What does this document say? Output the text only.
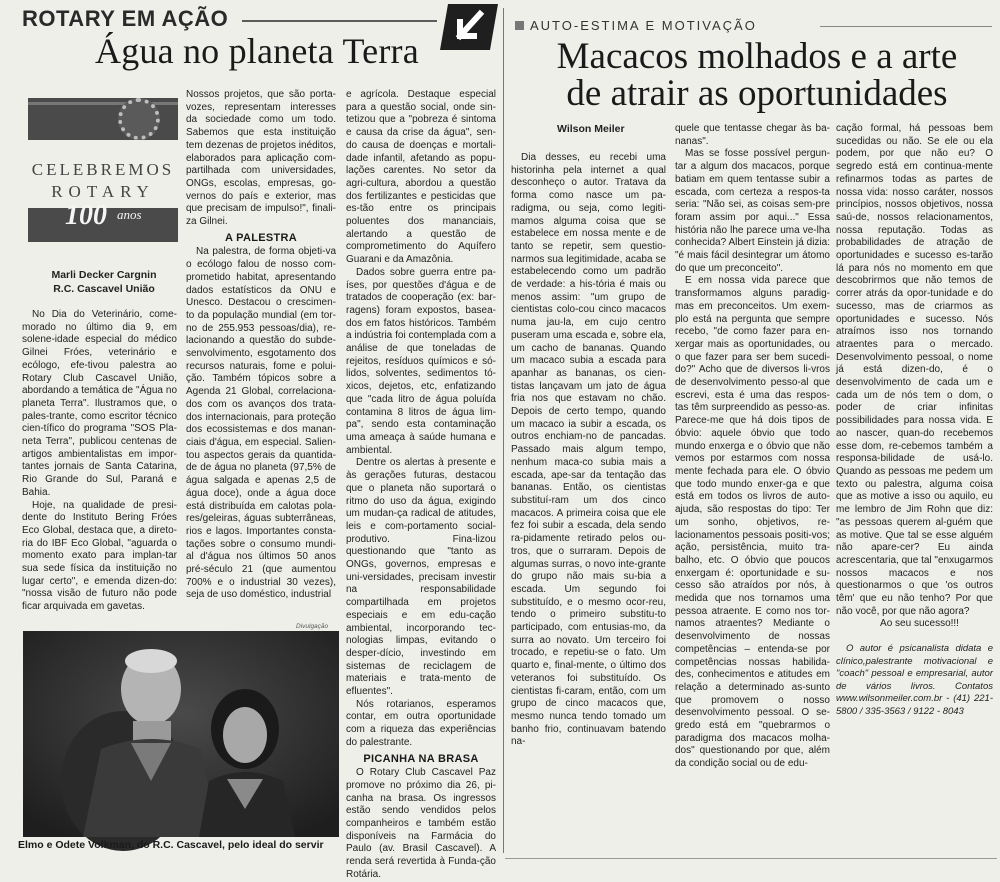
ROTARY EM AÇÃO
Água no planeta Terra
CELEBREMOS
ROTARY
100 anos
Marli Decker Cargnin
R.C. Cascavel União

No Dia do Veterinário, come-morado no último dia 9, em solene-idade especial do médico Gilnei Fróes, veterinário e ecólogo, efe-tivou palestra ao Rotary Club Cascavel União, abordando a temática de "Água no planeta Terra". Ilustramos que, o pales-trante, como escritor técnico cien-tífico do programa "SOS Pla-neta Terra", publicou centenas de artigos ambientalistas em impor-tantes jornais de Santa Catarina, Rio Grande do Sul, Paraná e Bahia.

Hoje, na qualidade de presi-dente do Instituto Bering Fróes Eco Global, destaca que, a direto-ria do IBF Eco Global, "aguarda o momento exato para implan-tar sua sede física da instituição no lugar certo", e emenda dizen-do: "nossa visão de futuro não pode ficar arquivada em gavetas.

Nossos projetos, que são porta-vozes, representam interesses da sociedade como um todo. Sabemos que esta instituição tem dezenas de projetos inéditos, elaborados para aplicação com-partilhada com universidades, ONGs, escolas, empresas, go-vernos do país e exterior, mas que precisam de impulso!", finali-za Gilnei.

A PALESTRA

Na palestra, de forma objeti-va o ecólogo falou de nosso com-prometido habitat, apresentando dados estatísticos da ONU e Unesco. Destacou o crescimen-to da população mundial (em tor-no de 255.953 pessoas/dia), re-lacionando a questão do subde-senvolvimento, esgotamento dos recursos naturais, fome e polui-ção. Também tópicos sobre a Agenda 21 Global, correlaciona-dos com os avanços dos trata-dos internacionais, para proteção dos ecossistemas e dos manan-ciais d'água, em especial. Salien-tou aspectos gerais da quantida-de de água no planeta (97,5% de água salgada e apenas 2,5 de água doce), onde a água doce está distribuída em calotas pola-res/geleiras, águas subterrâneas, rios e lagos. Importantes consta-tações sobre o consumo mundi-al d'água nos últimos 50 anos pré-século 21 (que aumentou 700% e o industrial 30 vezes), seja de uso doméstico, industrial

e agrícola. Destaque especial para a questão social, onde sin-tetizou que a "pobreza é sintoma e causa da crise da água", sen-do causa de doenças e mortali-dade infantil, afetando as popu-lações carentes. No setor da agri-cultura, abordou a questão dos fertilizantes e pesticidas que es-tão entre os principais poluentes dos mananciais, alertando a questão de comprometimento do Aquífero Guarani e da Amazônia.

Dados sobre guerra entre pa-íses, por questões d'água e de tratados de cooperação (ex: bar-ragens) foram expostos, basea-dos em fatos históricos. Também a indústria foi contemplada com a análise de que toneladas de rejeitos, resíduos químicos e só-lidos, solventes, sedimentos tó-xicos, dejetos, etc, enfatizando que "cada litro de água poluída contamina 8 litros de água lim-pa", sendo esta contaminação uma ameaça à saúde humana e ambiental.

Dentre os alertas à presente e às gerações futuras, destacou que o planeta não suportará o ritmo do uso da água, exigindo um mudan-ça radical de atitudes, leis e com-portamento social-produtivo. Fina-lizou questionando que "tanto as ONGs, governos, empresas e uni-versidades, precisam investir na responsabilidade compartilhada em projetos especiais e em edu-cação ambiental, incorporando tec-nologias limpas, evitando o desper-dício, investindo em sistemas de reciclagem de materiais e trata-mento de efluentes".

Nós rotarianos, esperamos contar, em outra oportunidade com a riqueza das experiências do palestrante.

PICANHA NA BRASA

O Rotary Club Cascavel Paz promove no próximo dia 26, pi-canha na brasa. Os ingressos estão sendo vendidos pelos companheiros e também estão disponíveis na Farmácia do Paulo (av. Brasil Cascavel). A renda será revertida à Funda-ção Rotária.

Divulgação
Elmo e Odete Volkman, do R.C. Cascavel, pelo ideal do servir
AUTO-ESTIMA E MOTIVAÇÃO
Macacos molhados e a arte
de atrair as oportunidades
Wilson Meiler

Dia desses, eu recebi uma historinha pela internet a qual desconheço o autor. Tratava da forma como nasce um pa-radigma, ou seja, como legiti-mamos alguma coisa que se estabelece em nossa mente e de tanto se repetir, sem questio-narmos sua legitimidade, acaba se estabelecendo como um padrão de verdade: a his-tória é mais ou menos assim: "um grupo de cientistas colo-cou cinco macacos numa jau-la, em cujo centro puseram uma escada e, sobre ela, um cacho de bananas. Quando um macaco subia a escada para apanhar as bananas, os cien-tistas lançavam um jato de água fria nos que estavam no chão. Depois de certo tempo, quando um macaco ia subir a escada, os outros enchiam-no de pancadas. Passado mais algum tempo, nenhum maca-co subia mais a escada, ape-sar da tentação das bananas. Então, os cientistas substituí-ram um dos cinco macacos. A primeira coisa que ele fez foi subir a escada, dela sendo ra-pidamente retirado pelos ou-tros, que o surraram. Depois de algumas surras, o novo inte-grante do grupo não mais su-bia a escada. Um segundo foi substituído, e o mesmo ocor-reu, tendo o primeiro substitu-to participado, com entusias-mo, da surra ao novato. Um terceiro foi trocado, e repetiu-se o fato. Um quarto e, final-mente, o último dos veteranos foi substituído. Os cientistas fi-caram, então, com um grupo de cinco macacos que, mesmo nunca tendo tomado um banho frio, continuavam batendo na-

quele que tentasse chegar às ba-nanas".

Mas se fosse possível pergun-tar a algum dos macacos, porque batiam em quem tentasse subir a escada, com certeza a respos-ta seria: "Não sei, as coisas sem-pre foram assim por aqui..." Essa história não lhe parece uma ve-lha conhecida? Albert Einstein já dizia: "é mais fácil desintegrar um átomo do que um preconceito".

E em nossa vida parece que transformamos alguns paradig-mas em preconceitos. Um exem-plo está na pergunta que sempre recebo, "de como fazer para en-xergar mais as oportunidades, ou o que fazer para ser bem sucedi-do?" Acho que de diversos li-vros de desenvolvimento pesso-al que escrevi, esta é uma das respos-tas têm surpreendido as pesso-as. Parece-me que há dois tipos de óbvio: aquele óbvio que todo mundo enxerga e o óbvio que não vemos por estarmos com nossa mente fechada para ele. O óbvio que todo mundo enxer-ga e que está em todos os livros de auto-ajuda, são respostas do tipo: Ter um sonho, objetivos, re-lacionamentos pessoais positi-vos; ação, persistência, muito tra-balho, etc. O óbvio que poucos enxergam é: oportunidade e su-cesso são atraídos por nós, à medida que nos tornamos uma pessoa atraente. E como nos tor-namos atraentes? Mediante o desenvolvimento de nossas competências – entenda-se por competências nossas habilida-des, conhecimentos e atitudes em relação a determinado as-sunto que promovem o nosso desenvolvimento pessoal. O se-gredo está em "quebrarmos o paradigma dos macacos molha-dos" questionando por que, além da condição social ou de edu-

cação formal, há pessoas bem sucedidas ou não. Se ele ou ela podem, por que não eu? O segredo está em continua-mente refinarmos todas as partes de nossa vida: nosso caráter, nossos princípios, nossos objetivos, nossa saú-de, nossos relacionamentos, nossa reputação. Todas as probabilidades de atração de oportunidades e sucesso es-tarão lá para nós no momento em que descobrirmos que não temos de correr atrás da opor-tunidade e do sucesso, mas de criarmos as oportunidades e sucesso. Nós atraímos isso nos tornando atraentes para o mercado. Desenvolvimento pessoal, o nome já está dizen-do, é o desenvolvimento de cada um e cada um de nós tem o dom, o poder de criar infinitas possibilidades para nossa vida. E ao nascer, quan-do recebemos esse dom, re-cebemos também a responsa-bilidade de usá-lo. Quando as pessoas me pedem um texto ou palestra, alguma coisa que as motive a isso ou aquilo, eu me lembro de Jim Rohn que diz: "as pessoas querem al-guém que as motive. Que tal se esse alguém não apare-cer? Eu ainda acrescentaria, que tal "enxugarmos nossos macacos e nos questionarmos o que 'os outros têm' que eu não tenho? Por que não você, por que não agora?

Ao seu sucesso!!!

O autor é psicanalista didata e clínico,palestrante motivacional e "coach" pessoal e empresarial, autor de vários livros. Contatos www.wilsonmeiler.com.br - (41) 221-5800 / 335-3563 / 9122 - 8043
